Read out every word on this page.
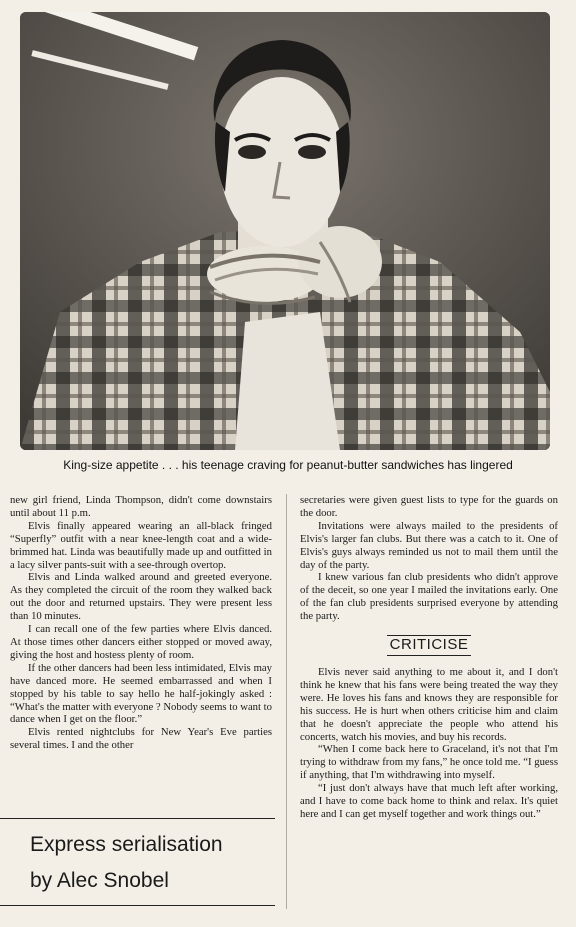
King-size appetite . . . his teenage craving for peanut-butter sandwiches has lingered

new girl friend, Linda Thompson, didn't come downstairs until about 11 p.m.

Elvis finally appeared wearing an all-black fringed “Superfly” outfit with a near knee-length coat and a wide-brimmed hat. Linda was beautifully made up and outfitted in a lacy silver pants-suit with a see-through overtop.

Elvis and Linda walked around and greeted everyone. As they completed the circuit of the room they walked back out the door and returned upstairs. They were present less than 10 minutes.

I can recall one of the few parties where Elvis danced. At those times other dancers either stopped or moved away, giving the host and hostess plenty of room.

If the other dancers had been less intimidated, Elvis may have danced more. He seemed embarrassed and when I stopped by his table to say hello he half-jokingly asked : “What's the matter with everyone ? Nobody seems to want to dance when I get on the floor.”

Elvis rented nightclubs for New Year's Eve parties several times. I and the other

secretaries were given guest lists to type for the guards on the door.

Invitations were always mailed to the presidents of Elvis's larger fan clubs. But there was a catch to it. One of Elvis's guys always reminded us not to mail them until the day of the party.

I knew various fan club presidents who didn't approve of the deceit, so one year I mailed the invitations early. One of the fan club presidents surprised everyone by attending the party.

CRITICISE

Elvis never said anything to me about it, and I don't think he knew that his fans were being treated the way they were. He loves his fans and knows they are responsible for his success. He is hurt when others criticise him and claim that he doesn't appreciate the people who attend his concerts, watch his movies, and buy his records.

“When I come back here to Graceland, it's not that I'm trying to withdraw from my fans,” he once told me. “I guess if anything, that I'm withdrawing into myself.

“I just don't always have that much left after working, and I have to come back home to think and relax. It's quiet here and I can get myself together and work things out.”

Express serialisation
by Alec Snobel
